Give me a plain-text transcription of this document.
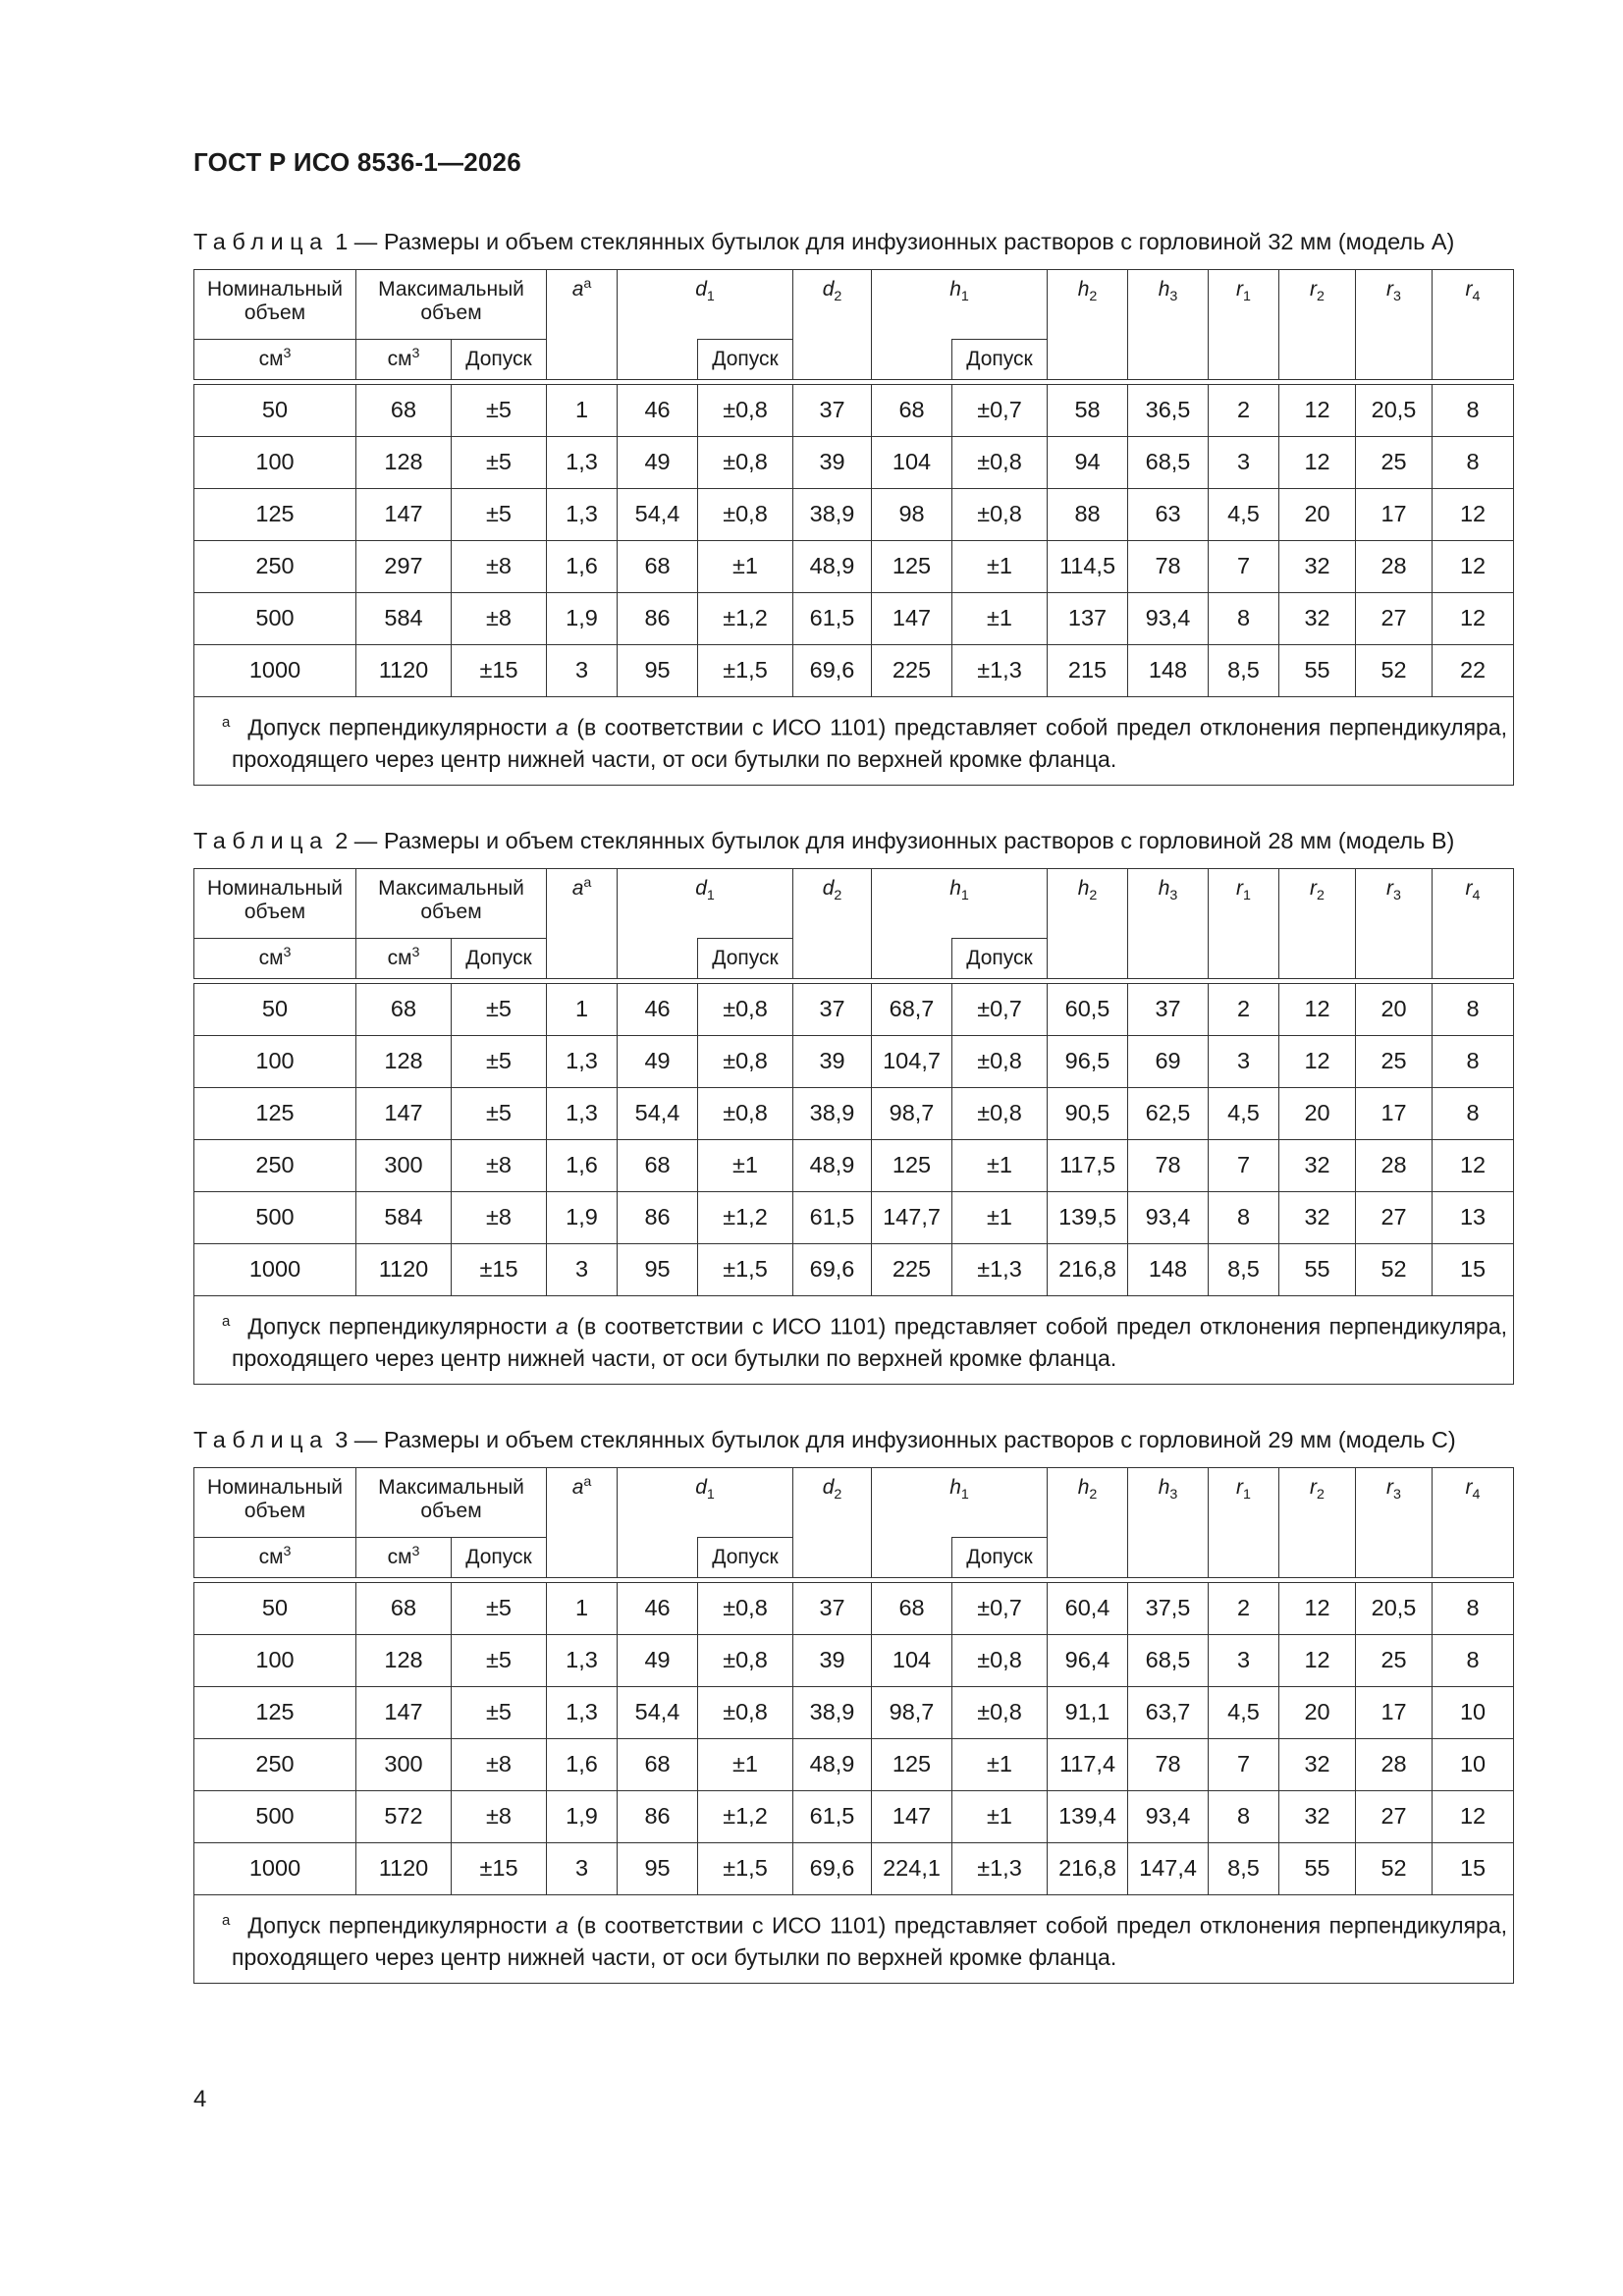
ГОСТ Р ИСО 8536-1—2026
Таблица 1 — Размеры и объем стеклянных бутылок для инфузионных растворов с горловиной 32 мм (модель А)
Номинальный объем	Максимальный объем		$a^a$	$d_1$		$d_2$	$h_1$		$h_2$	$h_3$	$r_1$	$r_2$	$r_3$	$r_4$
$см^3$	$см^3$	Допуск			Допуск			Допуск						

50	68	±5	1	46	±0,8	37	68	±0,7	58	36,5	2	12	20,5	8
100	128	±5	1,3	49	±0,8	39	104	±0,8	94	68,5	3	12	25	8
125	147	±5	1,3	54,4	±0,8	38,9	98	±0,8	88	63	4,5	20	17	12
250	297	±8	1,6	68	±1	48,9	125	±1	114,5	78	7	32	28	12
500	584	±8	1,9	86	±1,2	61,5	147	±1	137	93,4	8	32	27	12
1000	1120	±15	3	95	±1,5	69,6	225	±1,3	215	148	8,5	55	52	22
$^a$ Допуск перпендикулярности a (в соответствии с ИСО 1101) представляет собой предел отклонения перпендикуляра, проходящего через центр нижней части, от оси бутылки по верхней кромке фланца.														
Таблица 2 — Размеры и объем стеклянных бутылок для инфузионных растворов с горловиной 28 мм (модель В)
Номинальный объем	Максимальный объем		$a^a$	$d_1$		$d_2$	$h_1$		$h_2$	$h_3$	$r_1$	$r_2$	$r_3$	$r_4$
$см^3$	$см^3$	Допуск			Допуск			Допуск						

50	68	±5	1	46	±0,8	37	68,7	±0,7	60,5	37	2	12	20	8
100	128	±5	1,3	49	±0,8	39	104,7	±0,8	96,5	69	3	12	25	8
125	147	±5	1,3	54,4	±0,8	38,9	98,7	±0,8	90,5	62,5	4,5	20	17	8
250	300	±8	1,6	68	±1	48,9	125	±1	117,5	78	7	32	28	12
500	584	±8	1,9	86	±1,2	61,5	147,7	±1	139,5	93,4	8	32	27	13
1000	1120	±15	3	95	±1,5	69,6	225	±1,3	216,8	148	8,5	55	52	15
$^a$ Допуск перпендикулярности a (в соответствии с ИСО 1101) представляет собой предел отклонения перпендикуляра, проходящего через центр нижней части, от оси бутылки по верхней кромке фланца.														
Таблица 3 — Размеры и объем стеклянных бутылок для инфузионных растворов с горловиной 29 мм (модель С)
Номинальный объем	Максимальный объем		$a^a$	$d_1$		$d_2$	$h_1$		$h_2$	$h_3$	$r_1$	$r_2$	$r_3$	$r_4$
$см^3$	$см^3$	Допуск			Допуск			Допуск						

50	68	±5	1	46	±0,8	37	68	±0,7	60,4	37,5	2	12	20,5	8
100	128	±5	1,3	49	±0,8	39	104	±0,8	96,4	68,5	3	12	25	8
125	147	±5	1,3	54,4	±0,8	38,9	98,7	±0,8	91,1	63,7	4,5	20	17	10
250	300	±8	1,6	68	±1	48,9	125	±1	117,4	78	7	32	28	10
500	572	±8	1,9	86	±1,2	61,5	147	±1	139,4	93,4	8	32	27	12
1000	1120	±15	3	95	±1,5	69,6	224,1	±1,3	216,8	147,4	8,5	55	52	15
$^a$ Допуск перпендикулярности a (в соответствии с ИСО 1101) представляет собой предел отклонения перпендикуляра, проходящего через центр нижней части, от оси бутылки по верхней кромке фланца.														
4
